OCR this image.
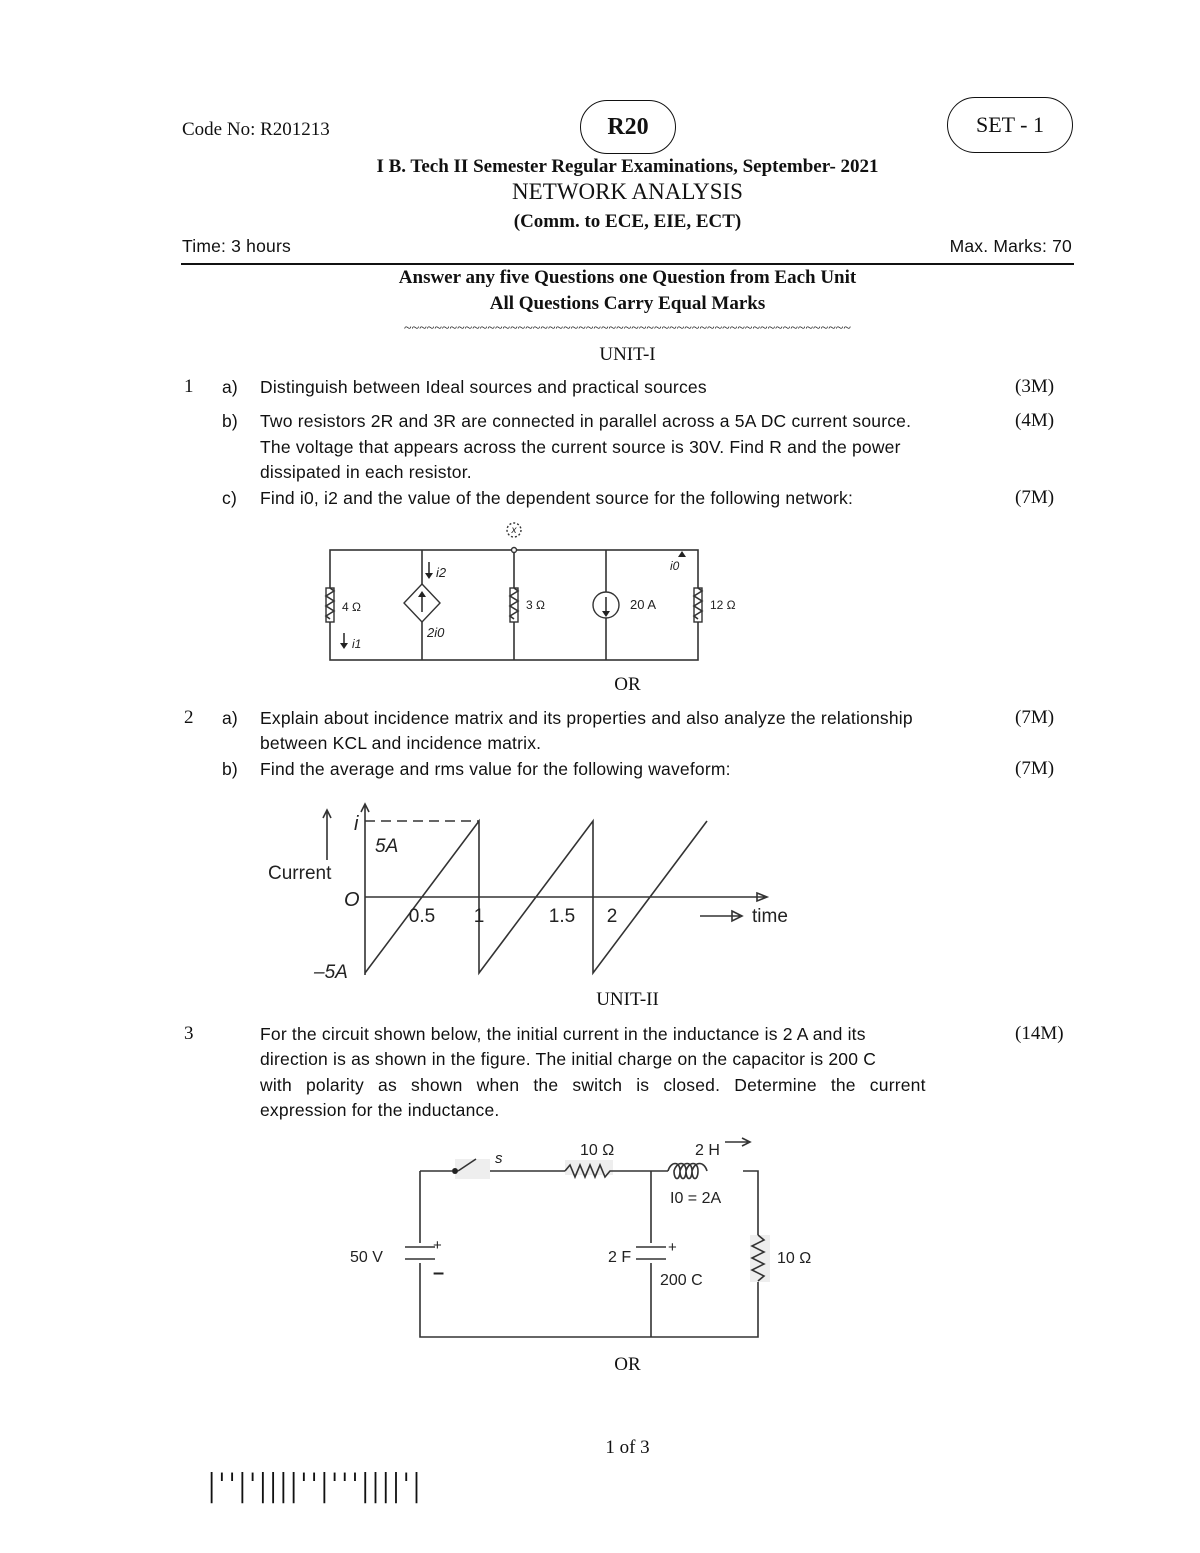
Code No: R201213	R20	SET - 1
I B. Tech II Semester Regular Examinations, September- 2021
NETWORK ANALYSIS
(Comm. to ECE, EIE, ECT)
Time: 3 hours	Max. Marks: 70
Answer any five Questions one Question from Each Unit
All Questions Carry Equal Marks
~~~~~~~~~~~~~~~~~~~~~~~~~~~~~~~~~~~~~~~~~~~~~~~~~~~~~~~~~~~
UNIT-I
1 a) Distinguish between Ideal sources and practical sources	(3M)
b) Two resistors 2R and 3R are connected in parallel across a 5A DC current source.
The voltage that appears across the current source is 30V. Find R and the power
dissipated in each resistor.
(4M)
c) Find i0, i2 and the value of the dependent source for the following network:	(7M)
x
4 Ω
i1
i2
2i0
3 Ω	20 A
i0
12 Ω
OR
2 a) Explain about incidence matrix and its properties and also analyze the relationship
between KCL and incidence matrix.
(7M)
b) Find the average and rms value for the following waveform:	(7M)
i
5A
Current
O
–5A
0.5 1	1.5 2	time
UNIT-II
3	For the circuit shown below, the initial current in the inductance is 2 A and its
direction is as shown in the figure. The initial charge on the capacitor is 200 C
with polarity as shown when the switch is closed. Determine the current
expression for the inductance.
(14M)
s	10 Ω	2 H
I0 = 2A
50 V
+
–
2 F
+
200 C
10 Ω
OR
1 of 3
|''|'||||''|'''||||'|
